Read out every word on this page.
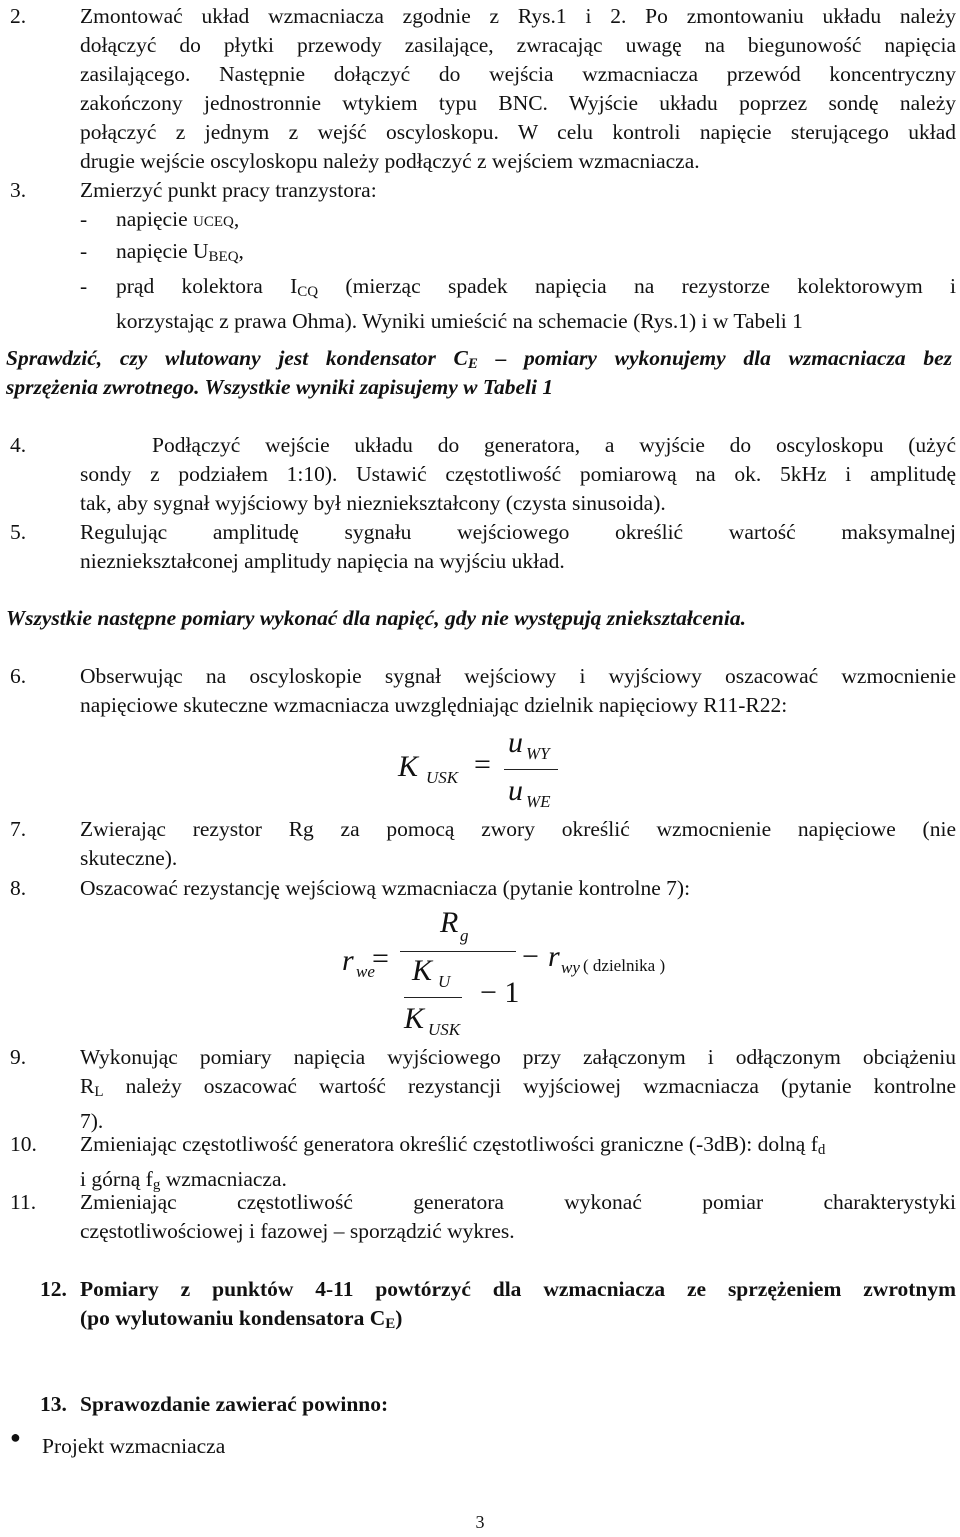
2.	Zmontować układ wzmacniacza zgodnie z Rys.1 i 2. Po zmontowaniu układu należy
dołączyć do płytki przewody zasilające, zwracając uwagę na biegunowość napięcia
zasilającego. Następnie dołączyć do wejścia wzmacniacza przewód koncentryczny
zakończony jednostronnie wtykiem typu BNC. Wyjście układu poprzez sondę należy
połączyć z jednym z wejść oscyloskopu. W celu kontroli napięcie sterującego układ
drugie wejście oscyloskopu należy podłączyć z wejściem wzmacniacza.
3.	Zmierzyć punkt pracy tranzystora:
- napięcie UCEQ,
- napięcie $U_{BEQ}$,
- prąd kolektora $I_{CQ}$ (mierząc spadek napięcia na rezystorze kolektorowym i
korzystając z prawa Ohma). Wyniki umieścić na schemacie (Rys.1) i w Tabeli 1
Sprawdzić, czy wlutowany jest kondensator $C_E$ – pomiary wykonujemy dla wzmacniacza bez
sprzężenia zwrotnego. Wszystkie wyniki zapisujemy w Tabeli 1
4.	Podłączyć wejście układu do generatora, a wyjście do oscyloskopu (użyć
sondy z podziałem 1:10). Ustawić częstotliwość pomiarową na ok. 5kHz i amplitudę
tak, aby sygnał wyjściowy był niezniekształcony (czysta sinusoida).
5.	Regulując amplitudę sygnału wejściowego określić wartość maksymalnej
niezniekształconej amplitudy napięcia na wyjściu układ.
Wszystkie następne pomiary wykonać dla napięć, gdy nie występują zniekształcenia.
6.	Obserwując na oscyloskopie sygnał wejściowy i wyjściowy oszacować wzmocnienie
napięciowe skuteczne wzmacniacza uwzględniając dzielnik napięciowy R11-R22:
K USK =
u WY
u WE
7.	Zwierając rezystor Rg za pomocą zwory określić wzmocnienie napięciowe (nie
skuteczne).
8.	Oszacować rezystancję wejściową wzmacniacza (pytanie kontrolne 7):
r we
=
R g
K U − 1
K USK
− r wy ( dzielnika )
9.	Wykonując pomiary napięcia wyjściowego przy załączonym i odłączonym obciążeniu
$R_L$ należy oszacować wartość rezystancji wyjściowej wzmacniacza (pytanie kontrolne
7).
10. Zmieniając częstotliwość generatora określić częstotliwości graniczne (-3dB): dolną $f_d$
i górną $f_g$ wzmacniacza.
11. Zmieniając częstotliwość generatora wykonać pomiar charakterystyki
częstotliwościowej i fazowej – sporządzić wykres.
12. Pomiary z punktów 4-11 powtórzyć dla wzmacniacza ze sprzężeniem zwrotnym
(po wylutowaniu kondensatora $C_E$)
13. Sprawozdanie zawierać powinno:
● Projekt wzmacniacza
3
